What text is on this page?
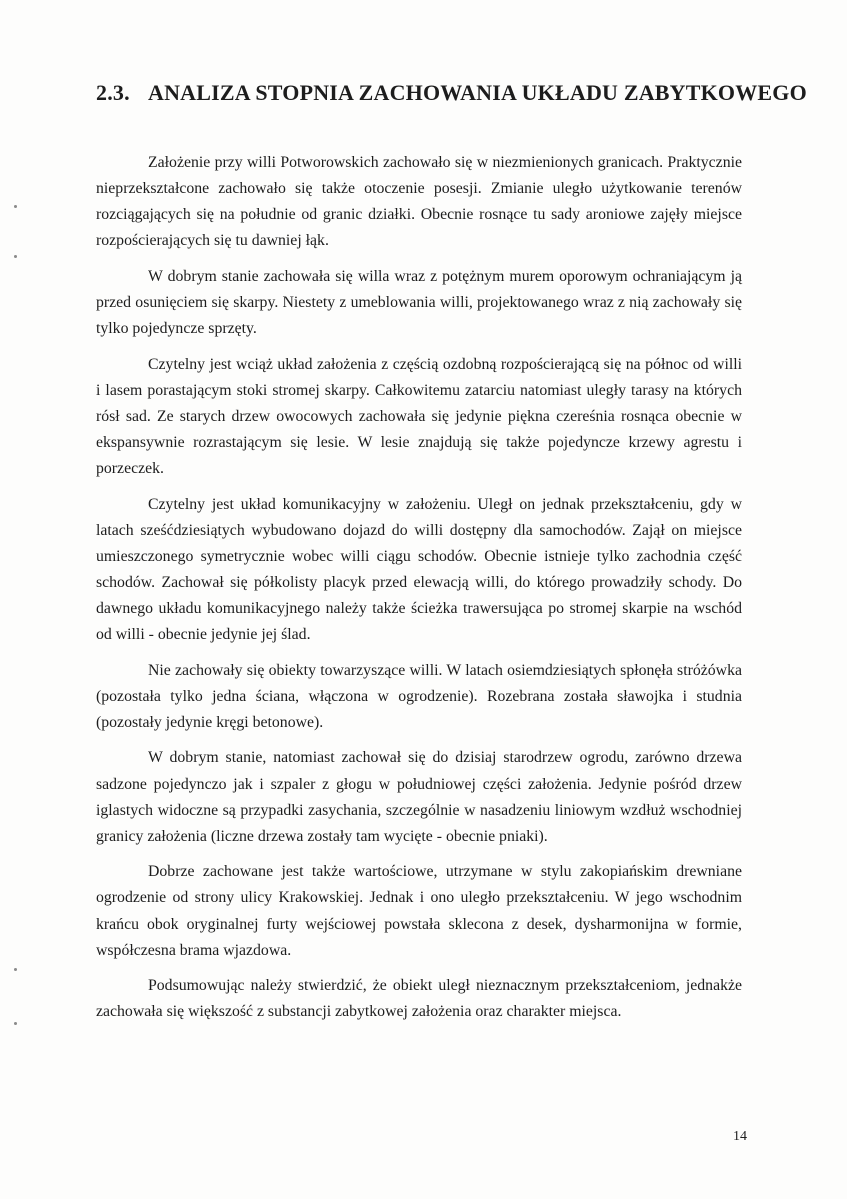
2.3. ANALIZA STOPNIA ZACHOWANIA UKŁADU ZABYTKOWEGO

Założenie przy willi Potworowskich zachowało się w niezmienionych granicach. Praktycznie nieprzekształcone zachowało się także otoczenie posesji. Zmianie uległo użytkowanie terenów rozciągających się na południe od granic działki. Obecnie rosnące tu sady aroniowe zajęły miejsce rozpościerających się tu dawniej łąk.

W dobrym stanie zachowała się willa wraz z potężnym murem oporowym ochraniającym ją przed osunięciem się skarpy. Niestety z umeblowania willi, projektowanego wraz z nią zachowały się tylko pojedyncze sprzęty.

Czytelny jest wciąż układ założenia z częścią ozdobną rozpościerającą się na północ od willi i lasem porastającym stoki stromej skarpy. Całkowitemu zatarciu natomiast uległy tarasy na których rósł sad. Ze starych drzew owocowych zachowała się jedynie piękna czereśnia rosnąca obecnie w ekspansywnie rozrastającym się lesie. W lesie znajdują się także pojedyncze krzewy agrestu i porzeczek.

Czytelny jest układ komunikacyjny w założeniu. Uległ on jednak przekształceniu, gdy w latach sześćdziesiątych wybudowano dojazd do willi dostępny dla samochodów. Zajął on miejsce umieszczonego symetrycznie wobec willi ciągu schodów. Obecnie istnieje tylko zachodnia część schodów. Zachował się półkolisty placyk przed elewacją willi, do którego prowadziły schody. Do dawnego układu komunikacyjnego należy także ścieżka trawersująca po stromej skarpie na wschód od willi - obecnie jedynie jej ślad.

Nie zachowały się obiekty towarzyszące willi. W latach osiemdziesiątych spłonęła stróżówka (pozostała tylko jedna ściana, włączona w ogrodzenie). Rozebrana została sławojka i studnia (pozostały jedynie kręgi betonowe).

W dobrym stanie, natomiast zachował się do dzisiaj starodrzew ogrodu, zarówno drzewa sadzone pojedynczo jak i szpaler z głogu w południowej części założenia. Jedynie pośród drzew iglastych widoczne są przypadki zasychania, szczególnie w nasadzeniu liniowym wzdłuż wschodniej granicy założenia (liczne drzewa zostały tam wycięte - obecnie pniaki).

Dobrze zachowane jest także wartościowe, utrzymane w stylu zakopiańskim drewniane ogrodzenie od strony ulicy Krakowskiej. Jednak i ono uległo przekształceniu. W jego wschodnim krańcu obok oryginalnej furty wejściowej powstała sklecona z desek, dysharmonijna w formie, współczesna brama wjazdowa.

Podsumowując należy stwierdzić, że obiekt uległ nieznacznym przekształceniom, jednakże zachowała się większość z substancji zabytkowej założenia oraz charakter miejsca.

14
